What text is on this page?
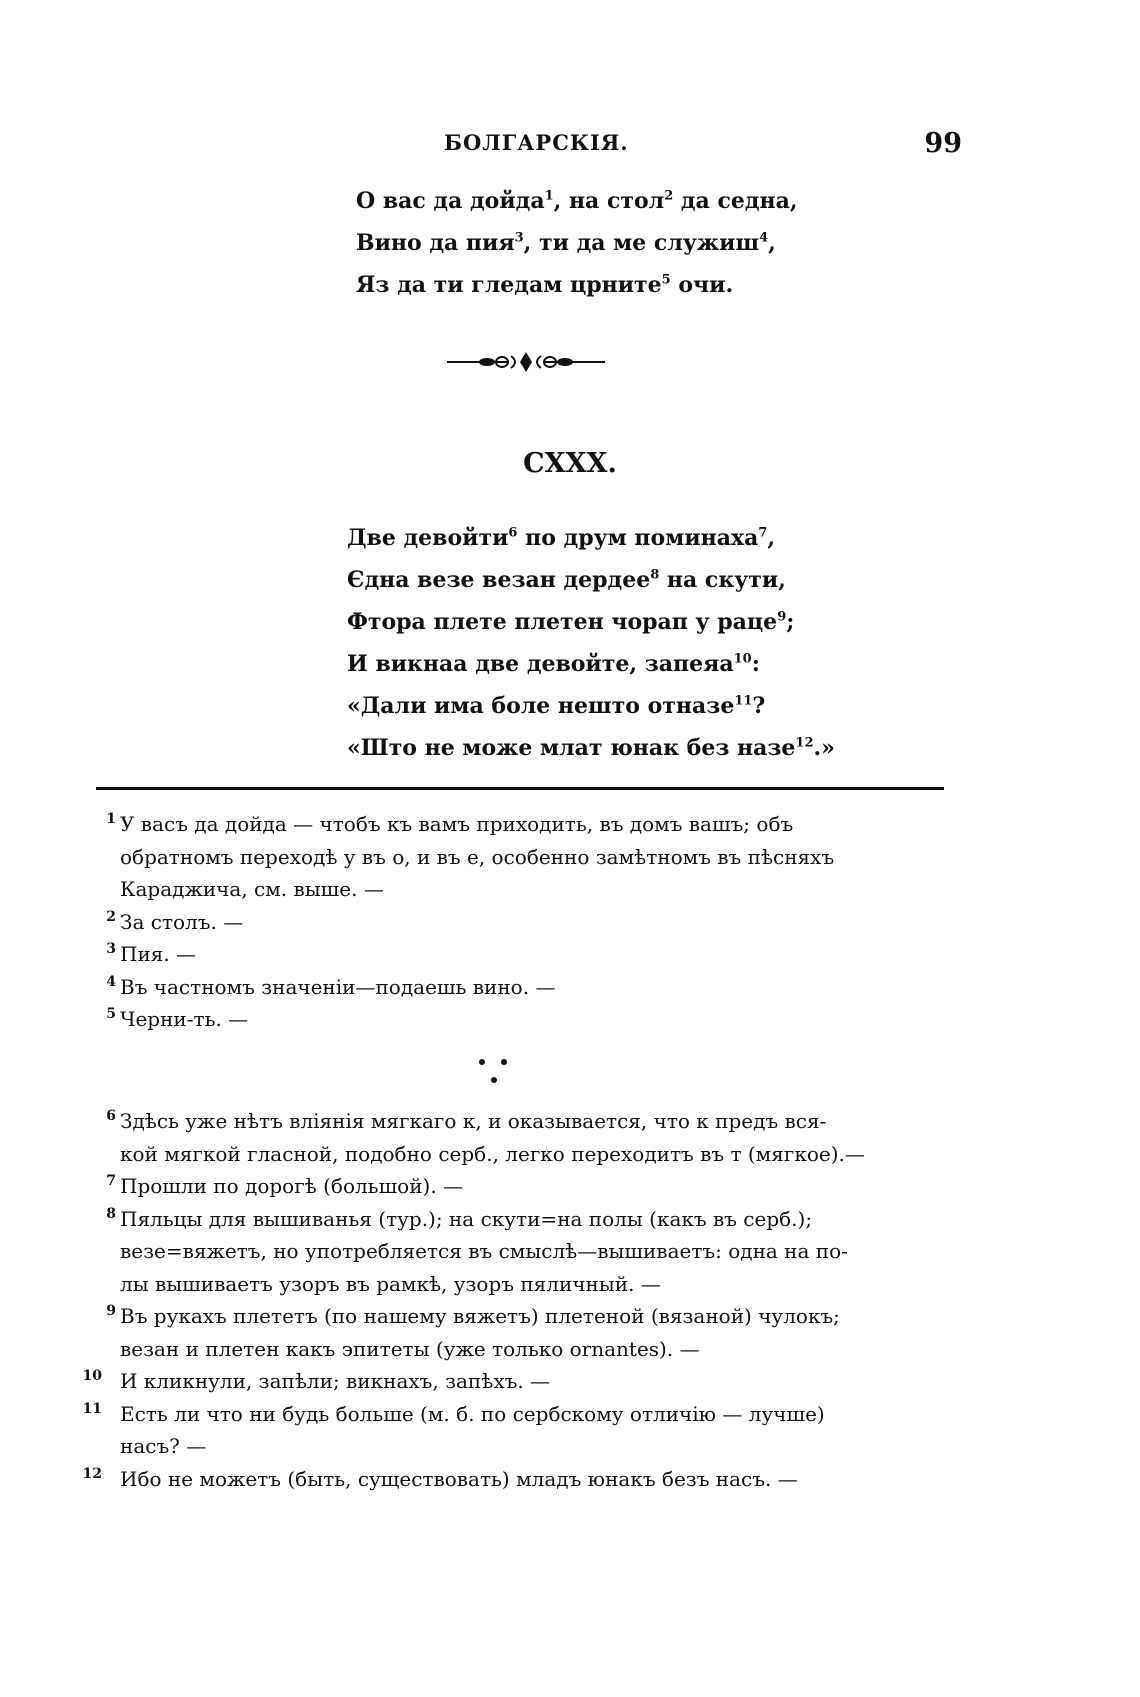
БОЛГАРСКІЯ.	99
О вас да дойда$^1$, на стол$^2$ да седна,
Вино да пия$^3$, ти да ме служиш$^4$,
Яз да ти гледам црните$^5$ очи.
CXXX.
Две девойти$^6$ по друм поминаха$^7$,
Єдна везе везан дердее$^8$ на скути,
Фтора плете плетен чорап у раце$^9$;
И викнаа две девойте, запеяа$^{10}$:
«Дали има боле нешто отназе$^{11}$?
«Што не може млат юнак без назе$^{12}$.»
1 У васъ да дойда — чтобъ къ вамъ приходить, въ домъ вашъ; объ
обратномъ переходѣ у въ о, и въ е, особенно замѣтномъ въ пѣсняхъ
Караджича, см. выше. —
2 За столъ. —
3 Пия. —
4 Въ частномъ значеніи—подаешь вино. —
5 Черни-ть. —
6 Здѣсь уже нѣтъ вліянія мягкаго к, и оказывается, что к предъ вся-
кой мягкой гласной, подобно серб., легко переходитъ въ т (мягкое).—
7 Прошли по дорогѣ (большой). —
8 Пяльцы для вышиванья (тур.); на скути=на полы (какъ въ серб.);
везе=вяжетъ, но употребляется въ смыслѣ—вышиваетъ: одна на по-
лы вышиваетъ узоръ въ рамкѣ, узоръ пяличный. —
9 Въ рукахъ плететъ (по нашему вяжетъ) плетеной (вязаной) чулокъ;
везан и плетен какъ эпитеты (уже только ornantes). —
10 И кликнули, запѣли; викнахъ, запѣхъ. —
11 Есть ли что ни будь больше (м. б. по сербскому отличію — лучше)
насъ? —
12 Ибо не можетъ (быть, существовать) младъ юнакъ безъ насъ. —
